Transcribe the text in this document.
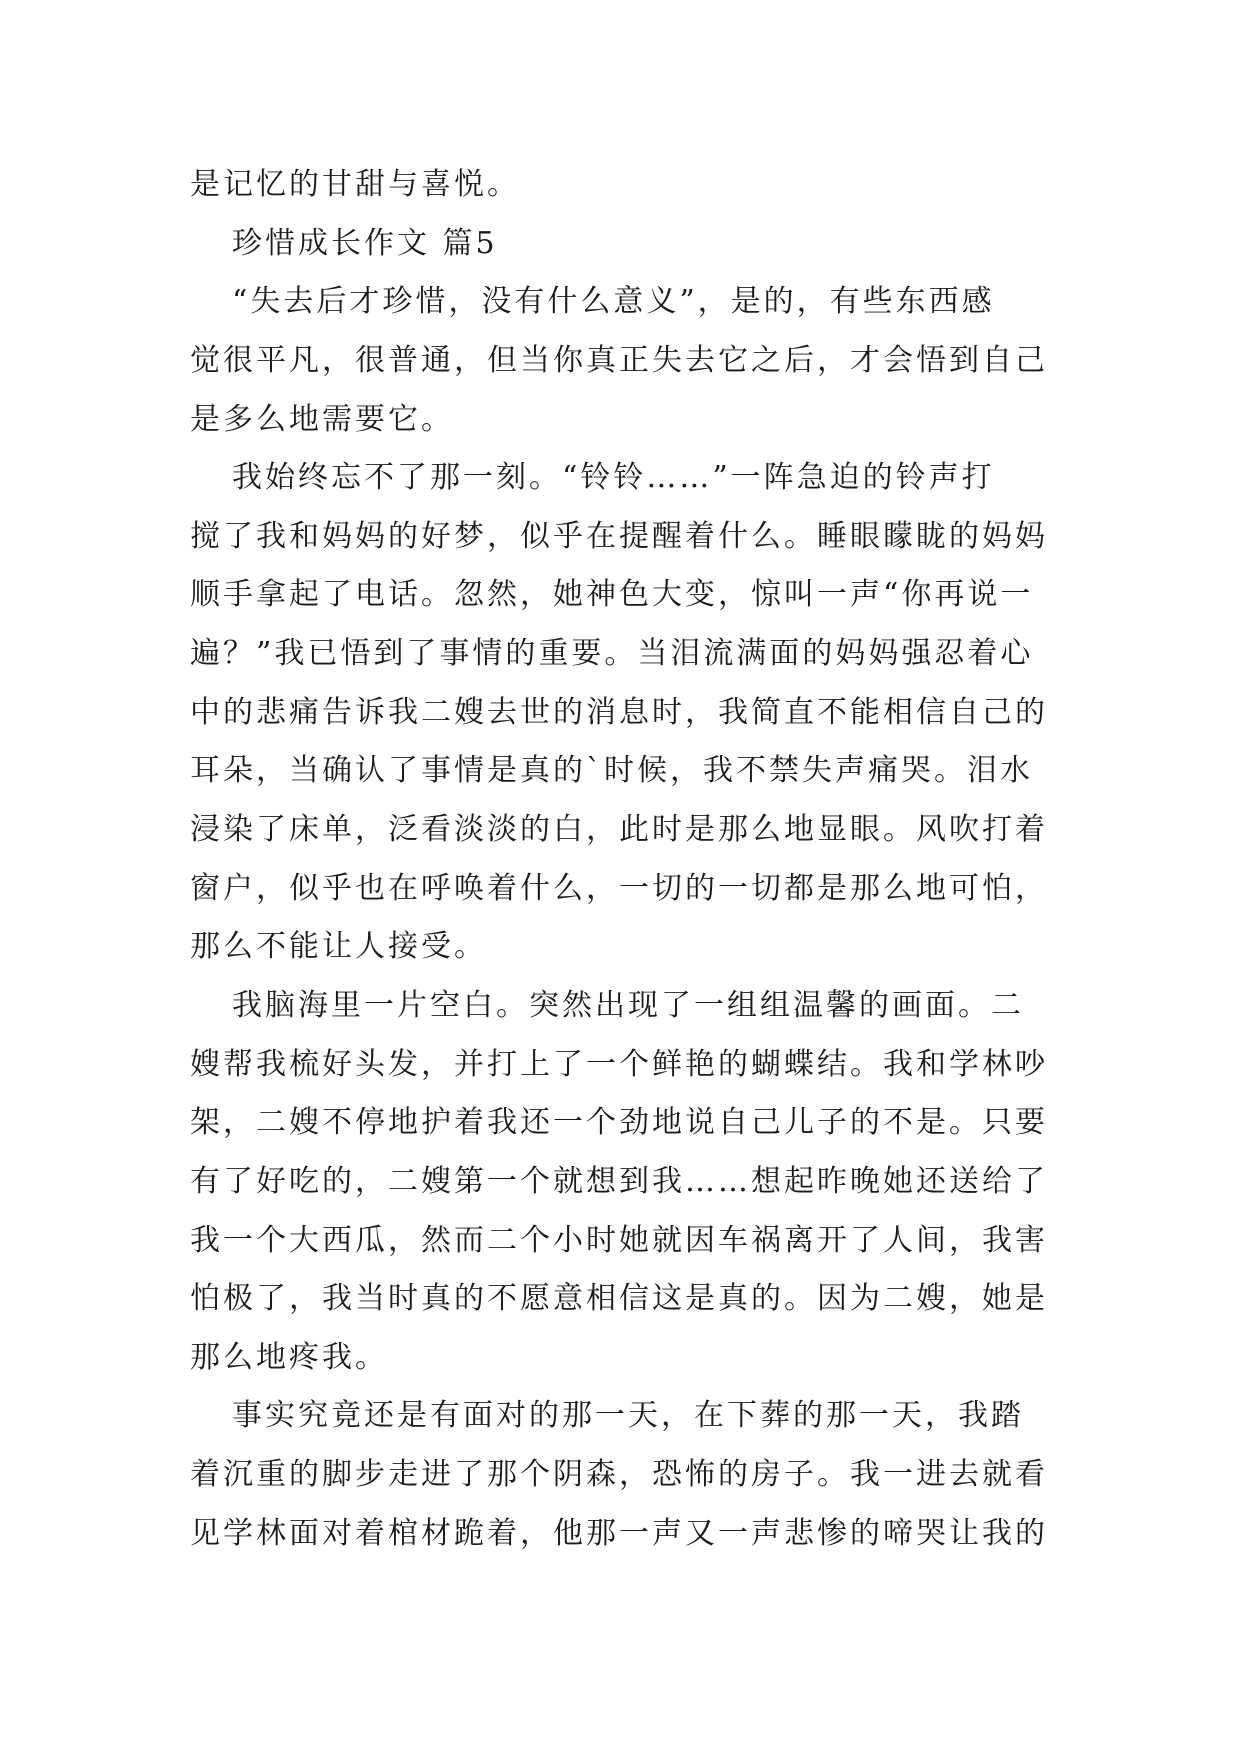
是记忆的甘甜与喜悦。
珍惜成长作文 篇5
“失去后才珍惜，没有什么意义”，是的，有些东西感
觉很平凡，很普通，但当你真正失去它之后，才会悟到自己
是多么地需要它。
我始终忘不了那一刻。“铃铃……”一阵急迫的铃声打
搅了我和妈妈的好梦，似乎在提醒着什么。睡眼矇眬的妈妈
顺手拿起了电话。忽然，她神色大变，惊叫一声“你再说一
遍？”我已悟到了事情的重要。当泪流满面的妈妈强忍着心
中的悲痛告诉我二嫂去世的消息时，我简直不能相信自己的
耳朵，当确认了事情是真的`时候，我不禁失声痛哭。泪水
浸染了床单，泛看淡淡的白，此时是那么地显眼。风吹打着
窗户，似乎也在呼唤着什么，一切的一切都是那么地可怕，
那么不能让人接受。
我脑海里一片空白。突然出现了一组组温馨的画面。二
嫂帮我梳好头发，并打上了一个鲜艳的蝴蝶结。我和学林吵
架，二嫂不停地护着我还一个劲地说自己儿子的不是。只要
有了好吃的，二嫂第一个就想到我……想起昨晚她还送给了
我一个大西瓜，然而二个小时她就因车祸离开了人间，我害
怕极了，我当时真的不愿意相信这是真的。因为二嫂，她是
那么地疼我。
事实究竟还是有面对的那一天，在下葬的那一天，我踏
着沉重的脚步走进了那个阴森，恐怖的房子。我一进去就看
见学林面对着棺材跪着，他那一声又一声悲惨的啼哭让我的
